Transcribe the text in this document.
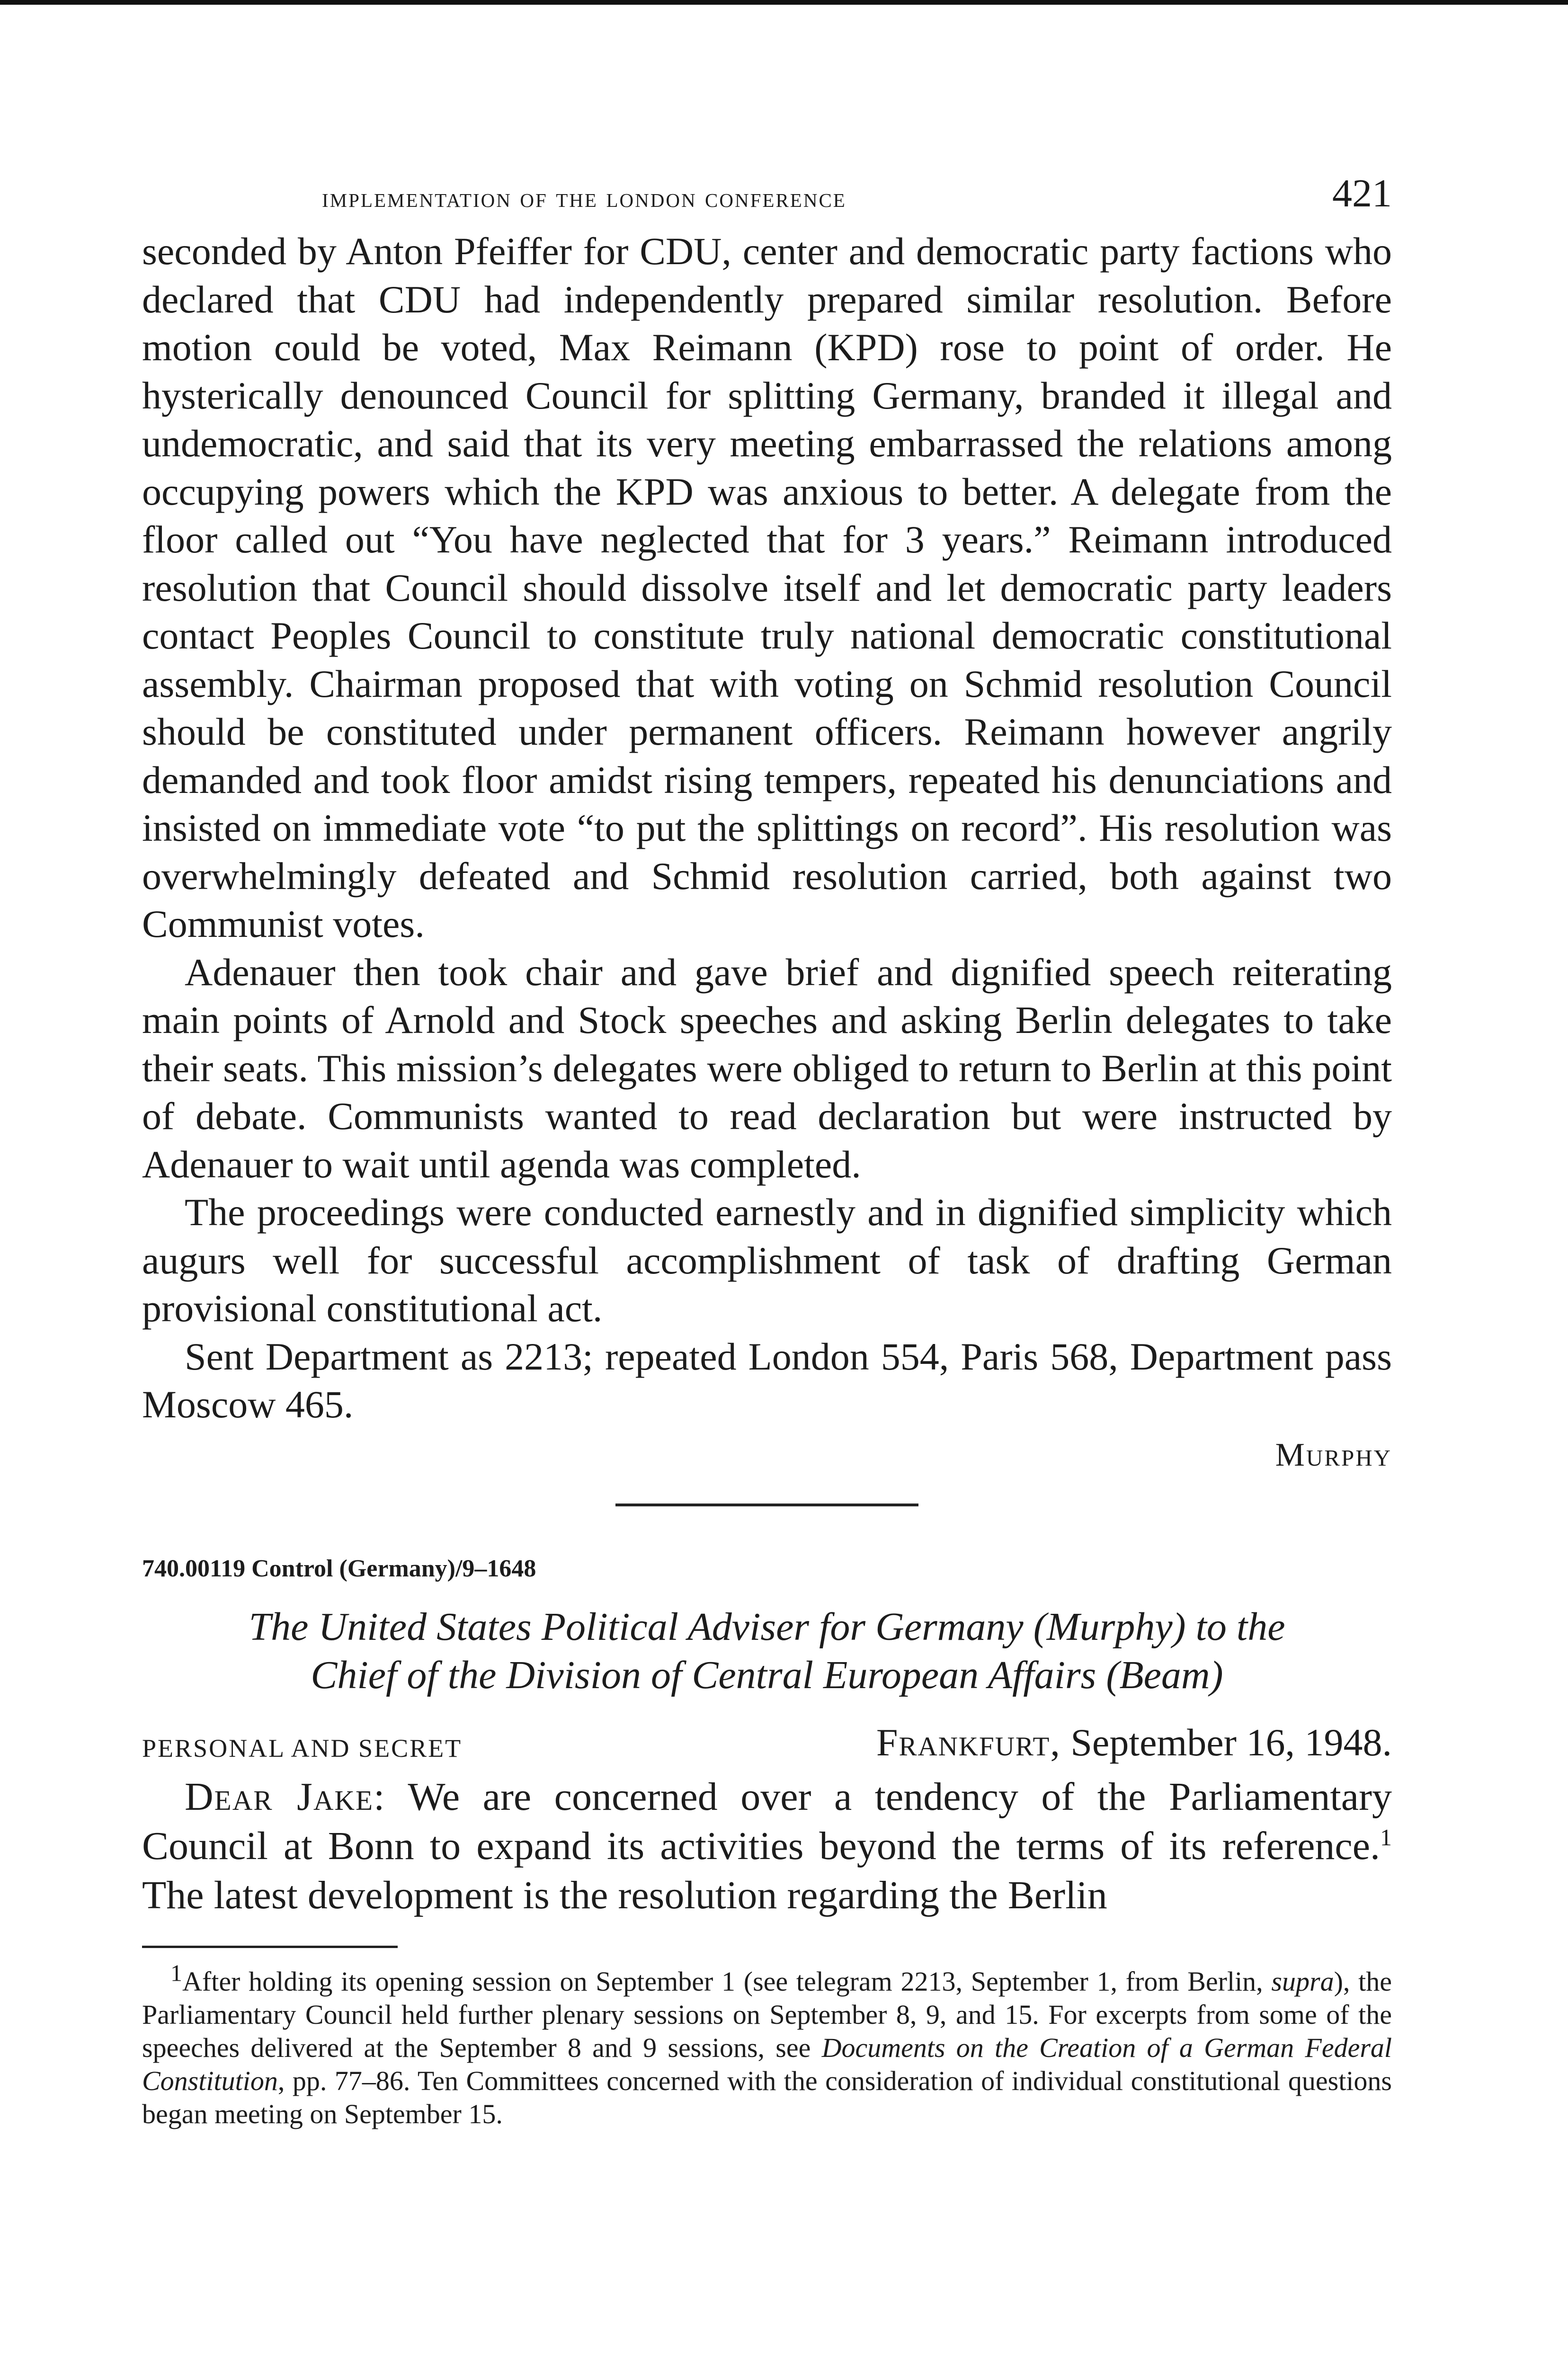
implementation of the london conference	421

seconded by Anton Pfeiffer for CDU, center and democratic party factions who declared that CDU had independently prepared similar resolution. Before motion could be voted, Max Reimann (KPD) rose to point of order. He hysterically denounced Council for splitting Germany, branded it illegal and undemocratic, and said that its very meeting embarrassed the relations among occupying powers which the KPD was anxious to better. A delegate from the floor called out “You have neglected that for 3 years.” Reimann introduced resolution that Council should dissolve itself and let democratic party leaders contact Peoples Council to constitute truly national democratic constitutional assembly. Chairman proposed that with voting on Schmid resolution Council should be constituted under permanent officers. Reimann however angrily demanded and took floor amidst rising tempers, repeated his denunciations and insisted on immediate vote “to put the splittings on record”. His resolution was overwhelmingly defeated and Schmid resolution carried, both against two Communist votes.

Adenauer then took chair and gave brief and dignified speech reiterating main points of Arnold and Stock speeches and asking Berlin delegates to take their seats. This mission’s delegates were obliged to return to Berlin at this point of debate. Communists wanted to read declaration but were instructed by Adenauer to wait until agenda was completed.

The proceedings were conducted earnestly and in dignified simplicity which augurs well for successful accomplishment of task of drafting German provisional constitutional act.

Sent Department as 2213; repeated London 554, Paris 568, Department pass Moscow 465.

Murphy
740.00119 Control (Germany)/9–1648
The United States Political Adviser for Germany (Murphy) to the
Chief of the Division of Central European Affairs (Beam)
PERSONAL AND SECRET	Frankfurt, September 16, 1948.

Dear Jake: We are concerned over a tendency of the Parliamentary Council at Bonn to expand its activities beyond the terms of its reference.$^1$ The latest development is the resolution regarding the Berlin

$^1$After holding its opening session on September 1 (see telegram 2213, September 1, from Berlin, supra), the Parliamentary Council held further plenary sessions on September 8, 9, and 15. For excerpts from some of the speeches delivered at the September 8 and 9 sessions, see Documents on the Creation of a German Federal Constitution, pp. 77–86. Ten Committees concerned with the consideration of individual constitutional questions began meeting on September 15.
